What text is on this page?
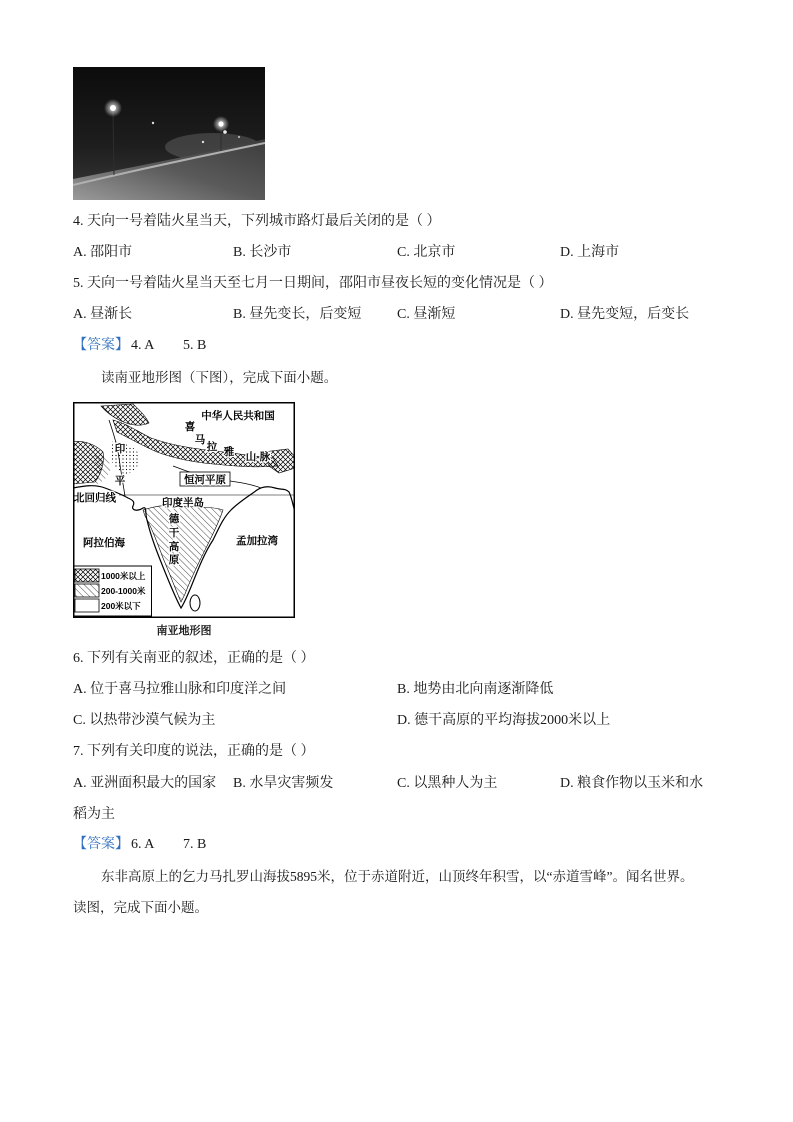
4. 天向一号着陆火星当天，下列城市路灯最后关闭的是（ ）
A. 邵阳市	B. 长沙市	C. 北京市	D. 上海市
5. 天向一号着陆火星当天至七月一日期间，邵阳市昼夜长短的变化情况是（ ）
A. 昼渐长	B. 昼先变长，后变短	C. 昼渐短	D. 昼先变短，后变长
【答案】 4. A 5. B
读南亚地形图（下图），完成下面小题。
中华人民共和国
喜
马
拉 雅 山 脉
印
平	恒河平原
北回归线	印度半岛
德
干
高
原
阿拉伯海	孟加拉湾
1000米以上
200-1000米
200米以下
南亚地形图
6. 下列有关南亚的叙述，正确的是（ ）
A. 位于喜马拉雅山脉和印度洋之间	B. 地势由北向南逐渐降低
C. 以热带沙漠气候为主	D. 德干高原的平均海拔2000米以上
7. 下列有关印度的说法，正确的是（ ）
A. 亚洲面积最大的国家 B. 水旱灾害频发	C. 以黑种人为主	D. 粮食作物以玉米和水稻为主
【答案】 6. A 7. B
东非高原上的乞力马扎罗山海拔5895米，位于赤道附近，山顶终年积雪，以“赤道雪峰”。闻名世界。
读图，完成下面小题。
